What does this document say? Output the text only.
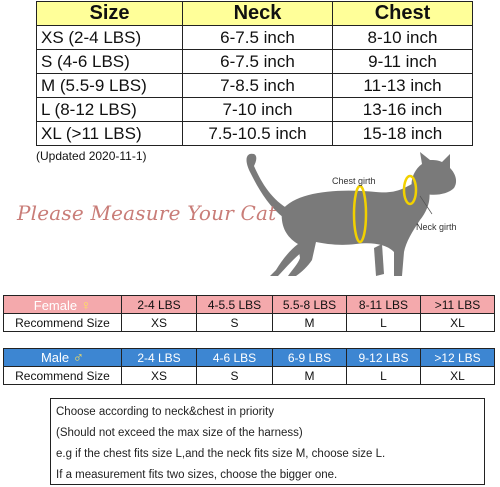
Size	Neck	Chest
XS (2-4 LBS)	6-7.5 inch	8-10 inch
S (4-6 LBS)	6-7.5 inch	9-11 inch
M (5.5-9 LBS)	7-8.5 inch	11-13 inch
L (8-12 LBS)	7-10 inch	13-16 inch
XL (>11 LBS)	7.5-10.5 inch	15-18 inch
(Updated 2020-11-1)
Chest girth
Neck girth
Please Measure Your Cat
Female ♀	2-4 LBS	4-5.5 LBS	5.5-8 LBS	8-11 LBS	>11 LBS
Recommend Size	XS	S	M	L	XL
Male ♂	2-4 LBS	4-6 LBS	6-9 LBS	9-12 LBS	>12 LBS
Recommend Size	XS	S	M	L	XL
Choose according to neck&chest in priority
(Should not exceed the max size of the harness)
e.g if the chest fits size L,and the neck fits size M, choose size L.
If a measurement fits two sizes, choose the bigger one.
